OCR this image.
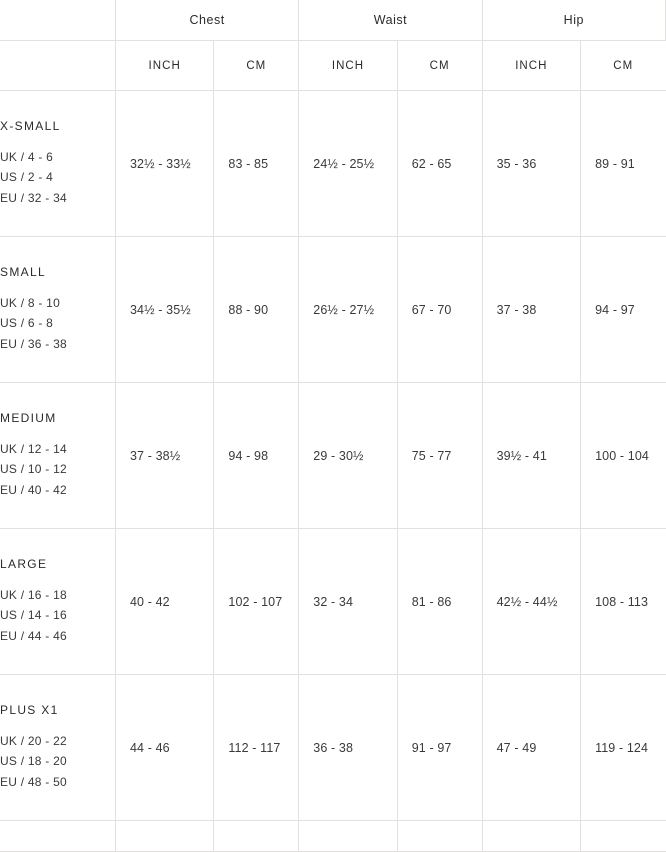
	Chest		Waist		Hip	
	INCH	CM	INCH	CM	INCH	CM

X-SMALL
UK / 4 - 6
US / 2 - 4
EU / 32 - 34	32½ - 33½	83 - 85	24½ - 25½	62 - 65	35 - 36	89 - 91

SMALL
UK / 8 - 10
US / 6 - 8
EU / 36 - 38	34½ - 35½	88 - 90	26½ - 27½	67 - 70	37 - 38	94 - 97

MEDIUM
UK / 12 - 14
US / 10 - 12
EU / 40 - 42	37 - 38½	94 - 98	29 - 30½	75 - 77	39½ - 41	100 - 104

LARGE
UK / 16 - 18
US / 14 - 16
EU / 44 - 46	40 - 42	102 - 107	32 - 34	81 - 86	42½ - 44½	108 - 113

PLUS X1
UK / 20 - 22
US / 18 - 20
EU / 48 - 50	44 - 46	112 - 117	36 - 38	91 - 97	47 - 49	119 - 124
